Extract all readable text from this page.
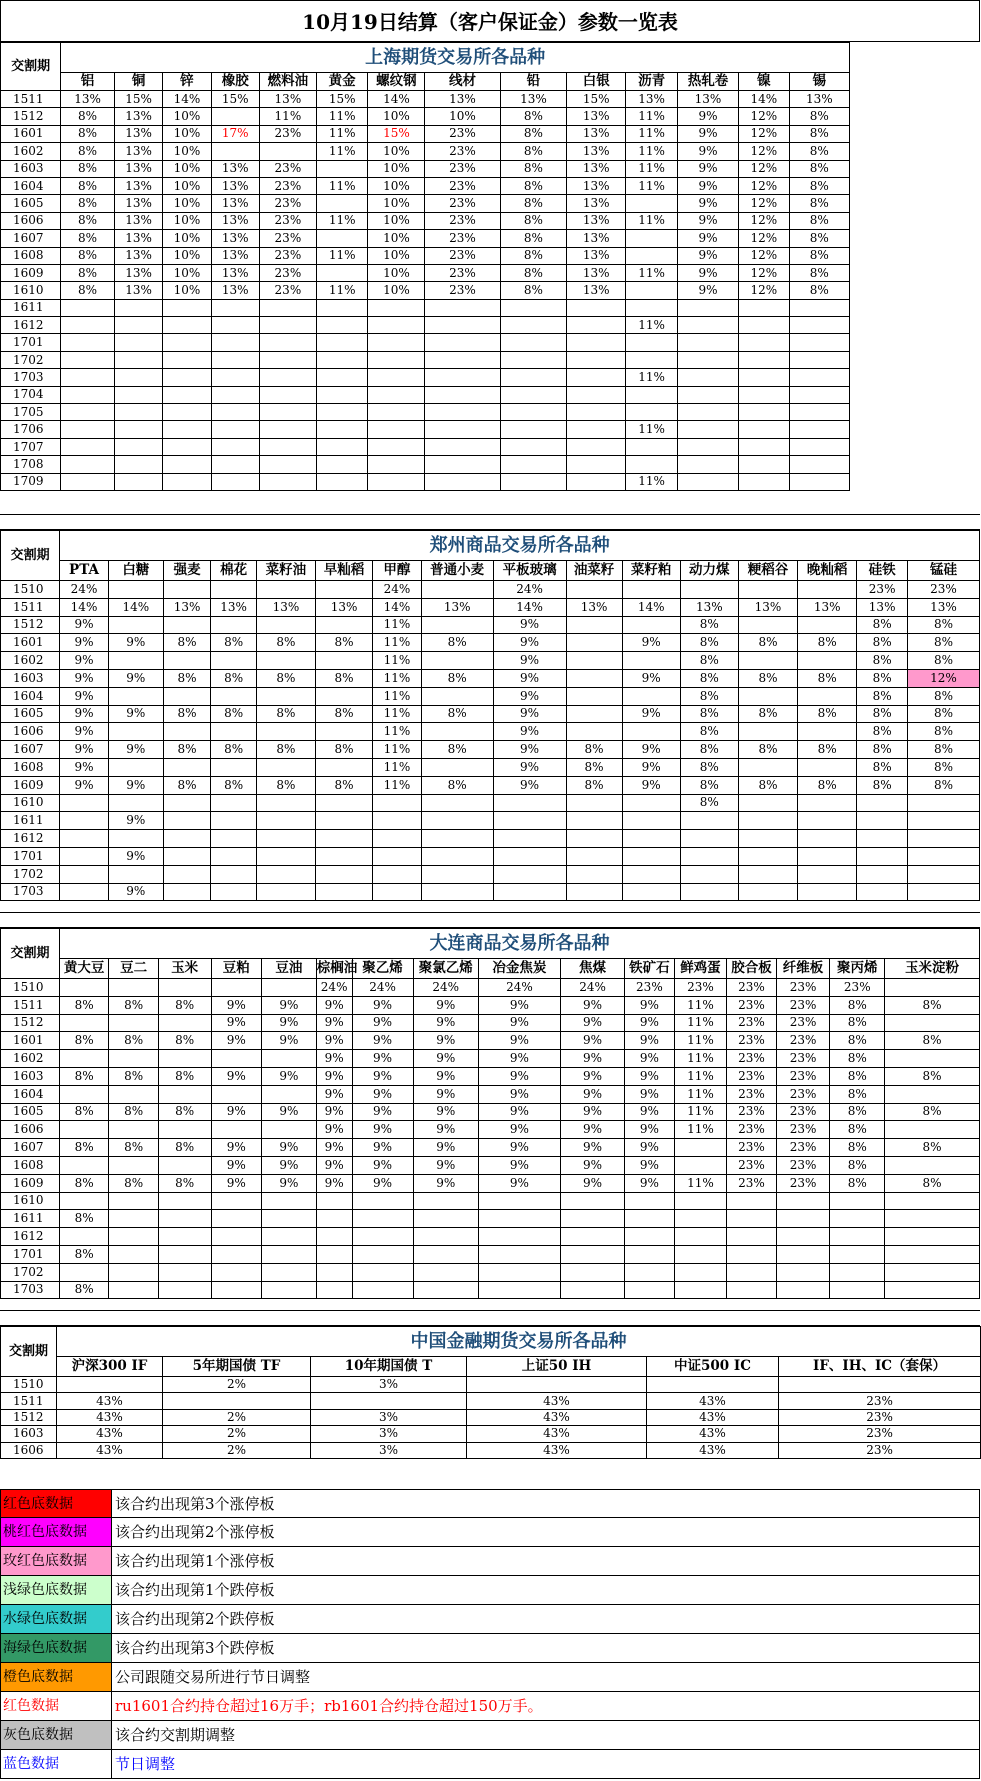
10月19日结算（客户保证金）参数一览表
交割期	上海期货交易所各品种													
	铝	铜	锌	橡胶	燃料油	黄金	螺纹钢	线材	铅	白银	沥青	热轧卷	镍	锡
1511	13%	15%	14%	15%	13%	15%	14%	13%	13%	15%	13%	13%	14%	13%
1512	8%	13%	10%		11%	11%	10%	10%	8%	13%	11%	9%	12%	8%
1601	8%	13%	10%	17%	23%	11%	15%	23%	8%	13%	11%	9%	12%	8%
1602	8%	13%	10%			11%	10%	23%	8%	13%	11%	9%	12%	8%
1603	8%	13%	10%	13%	23%		10%	23%	8%	13%	11%	9%	12%	8%
1604	8%	13%	10%	13%	23%	11%	10%	23%	8%	13%	11%	9%	12%	8%
1605	8%	13%	10%	13%	23%		10%	23%	8%	13%		9%	12%	8%
1606	8%	13%	10%	13%	23%	11%	10%	23%	8%	13%	11%	9%	12%	8%
1607	8%	13%	10%	13%	23%		10%	23%	8%	13%		9%	12%	8%
1608	8%	13%	10%	13%	23%	11%	10%	23%	8%	13%		9%	12%	8%
1609	8%	13%	10%	13%	23%		10%	23%	8%	13%	11%	9%	12%	8%
1610	8%	13%	10%	13%	23%	11%	10%	23%	8%	13%		9%	12%	8%
1611														
1612											11%			
1701														
1702														
1703											11%			
1704														
1705														
1706											11%			
1707														
1708														
1709											11%			
交割期	郑州商品交易所各品种															
	PTA	白糖	强麦	棉花	菜籽油	早籼稻	甲醇	普通小麦	平板玻璃	油菜籽	菜籽粕	动力煤	粳稻谷	晚籼稻	硅铁	锰硅
1510	24%						24%		24%						23%	23%
1511	14%	14%	13%	13%	13%	13%	14%	13%	14%	13%	14%	13%	13%	13%	13%	13%
1512	9%						11%		9%			8%			8%	8%
1601	9%	9%	8%	8%	8%	8%	11%	8%	9%		9%	8%	8%	8%	8%	8%
1602	9%						11%		9%			8%			8%	8%
1603	9%	9%	8%	8%	8%	8%	11%	8%	9%		9%	8%	8%	8%	8%	12%
1604	9%						11%		9%			8%			8%	8%
1605	9%	9%	8%	8%	8%	8%	11%	8%	9%		9%	8%	8%	8%	8%	8%
1606	9%						11%		9%			8%			8%	8%
1607	9%	9%	8%	8%	8%	8%	11%	8%	9%	8%	9%	8%	8%	8%	8%	8%
1608	9%						11%		9%	8%	9%	8%			8%	8%
1609	9%	9%	8%	8%	8%	8%	11%	8%	9%	8%	9%	8%	8%	8%	8%	8%
1610												8%				
1611		9%														
1612																
1701		9%														
1702																
1703		9%														
交割期	大连商品交易所各品种															
	黄大豆	豆二	玉米	豆粕	豆油	棕榈油	聚乙烯	聚氯乙烯	冶金焦炭	焦煤	铁矿石	鲜鸡蛋	胶合板	纤维板	聚丙烯	玉米淀粉
1510						24%	24%	24%	24%	24%	23%	23%	23%	23%	23%	
1511	8%	8%	8%	9%	9%	9%	9%	9%	9%	9%	9%	11%	23%	23%	8%	8%
1512				9%	9%	9%	9%	9%	9%	9%	9%	11%	23%	23%	8%	
1601	8%	8%	8%	9%	9%	9%	9%	9%	9%	9%	9%	11%	23%	23%	8%	8%
1602						9%	9%	9%	9%	9%	9%	11%	23%	23%	8%	
1603	8%	8%	8%	9%	9%	9%	9%	9%	9%	9%	9%	11%	23%	23%	8%	8%
1604						9%	9%	9%	9%	9%	9%	11%	23%	23%	8%	
1605	8%	8%	8%	9%	9%	9%	9%	9%	9%	9%	9%	11%	23%	23%	8%	8%
1606						9%	9%	9%	9%	9%	9%	11%	23%	23%	8%	
1607	8%	8%	8%	9%	9%	9%	9%	9%	9%	9%	9%		23%	23%	8%	8%
1608				9%	9%	9%	9%	9%	9%	9%	9%		23%	23%	8%	
1609	8%	8%	8%	9%	9%	9%	9%	9%	9%	9%	9%	11%	23%	23%	8%	8%
1610																
1611	8%															
1612																
1701	8%															
1702																
1703	8%															
交割期	中国金融期货交易所各品种					
	沪深300 IF	5年期国债 TF	10年期国债 T	上证50 IH	中证500 IC	IF、IH、IC（套保）
1510		2%	3%			
1511	43%			43%	43%	23%
1512	43%	2%	3%	43%	43%	23%
1603	43%	2%	3%	43%	43%	23%
1606	43%	2%	3%	43%	43%	23%
红色底数据	该合约出现第3个涨停板
桃红色底数据	该合约出现第2个涨停板
玫红色底数据	该合约出现第1个涨停板
浅绿色底数据	该合约出现第1个跌停板
水绿色底数据	该合约出现第2个跌停板
海绿色底数据	该合约出现第3个跌停板
橙色底数据	公司跟随交易所进行节日调整
红色数据	ru1601合约持仓超过16万手；rb1601合约持仓超过150万手。
灰色底数据	该合约交割期调整
蓝色数据	节日调整
